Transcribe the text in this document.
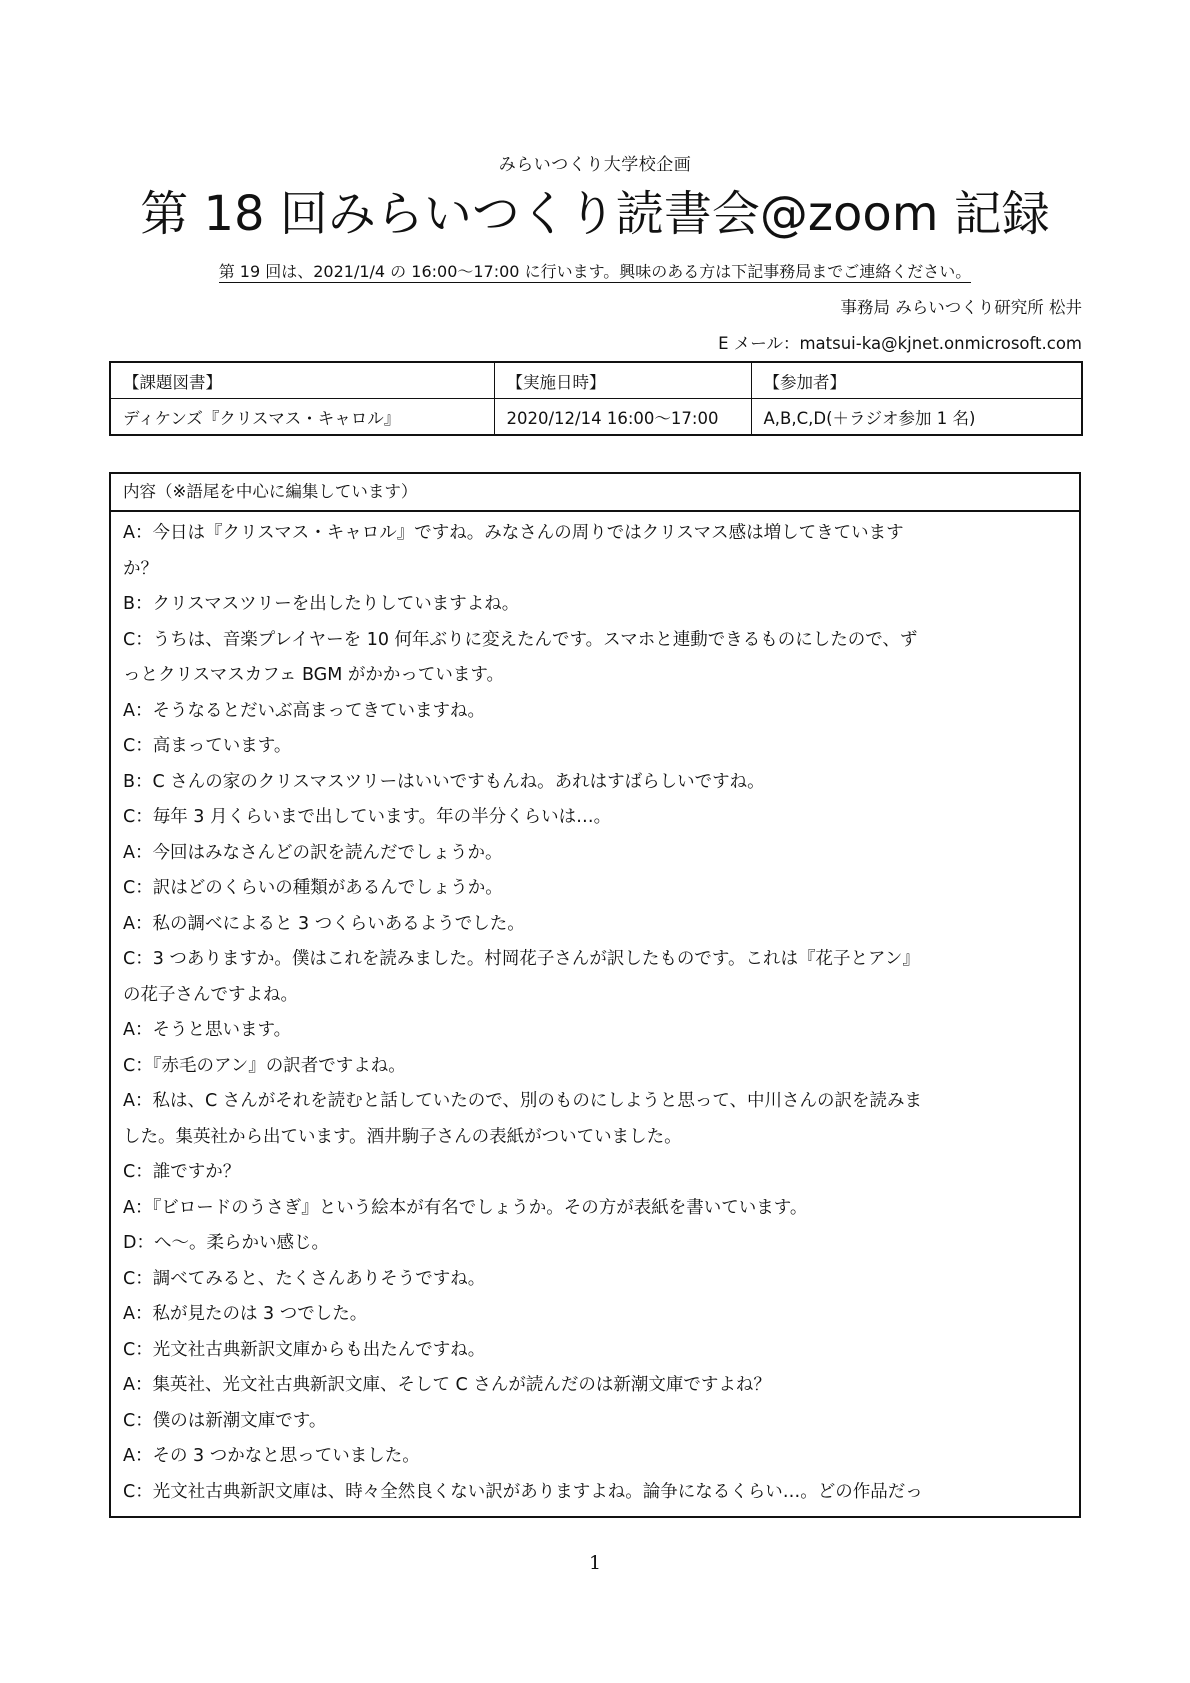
みらいつくり大学校企画
第 18 回みらいつくり読書会@zoom 記録
第 19 回は、2021/1/4 の 16:00〜17:00 に行います。興味のある方は下記事務局までご連絡ください。
事務局 みらいつくり研究所 松井
E メール：matsui-ka@kjnet.onmicrosoft.com
【課題図書】	【実施日時】	【参加者】
ディケンズ『クリスマス・キャロル』	2020/12/14 16:00〜17:00	A,B,C,D(＋ラジオ参加 1 名)
内容（※語尾を中心に編集しています）
A：今日は『クリスマス・キャロル』ですね。みなさんの周りではクリスマス感は増してきています
か？
B：クリスマスツリーを出したりしていますよね。
C：うちは、音楽プレイヤーを 10 何年ぶりに変えたんです。スマホと連動できるものにしたので、ず
っとクリスマスカフェ BGM がかかっています。
A：そうなるとだいぶ高まってきていますね。
C：高まっています。
B：C さんの家のクリスマスツリーはいいですもんね。あれはすばらしいですね。
C：毎年 3 月くらいまで出しています。年の半分くらいは…。
A：今回はみなさんどの訳を読んだでしょうか。
C：訳はどのくらいの種類があるんでしょうか。
A：私の調べによると 3 つくらいあるようでした。
C：3 つありますか。僕はこれを読みました。村岡花子さんが訳したものです。これは『花子とアン』
の花子さんですよね。
A：そうと思います。
C：『赤毛のアン』の訳者ですよね。
A：私は、C さんがそれを読むと話していたので、別のものにしようと思って、中川さんの訳を読みま
した。集英社から出ています。酒井駒子さんの表紙がついていました。
C：誰ですか？
A：『ビロードのうさぎ』という絵本が有名でしょうか。その方が表紙を書いています。
D：へ〜。柔らかい感じ。
C：調べてみると、たくさんありそうですね。
A：私が見たのは 3 つでした。
C：光文社古典新訳文庫からも出たんですね。
A：集英社、光文社古典新訳文庫、そして C さんが読んだのは新潮文庫ですよね？
C：僕のは新潮文庫です。
A：その 3 つかなと思っていました。
C：光文社古典新訳文庫は、時々全然良くない訳がありますよね。論争になるくらい…。どの作品だっ
1
